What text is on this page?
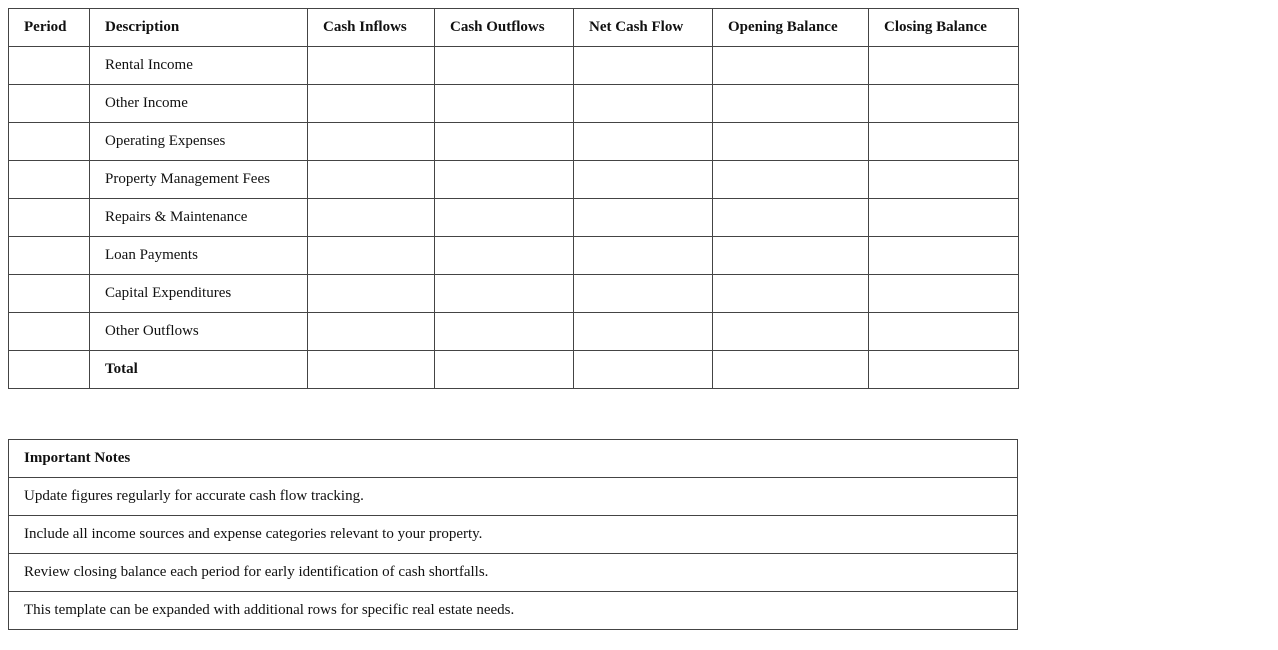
Period	Description	Cash Inflows	Cash Outflows	Net Cash Flow	Opening Balance	Closing Balance
	Rental Income					
	Other Income					
	Operating Expenses					
	Property Management Fees					
	Repairs & Maintenance					
	Loan Payments					
	Capital Expenditures					
	Other Outflows					
	Total					
Important Notes
Update figures regularly for accurate cash flow tracking.
Include all income sources and expense categories relevant to your property.
Review closing balance each period for early identification of cash shortfalls.
This template can be expanded with additional rows for specific real estate needs.
